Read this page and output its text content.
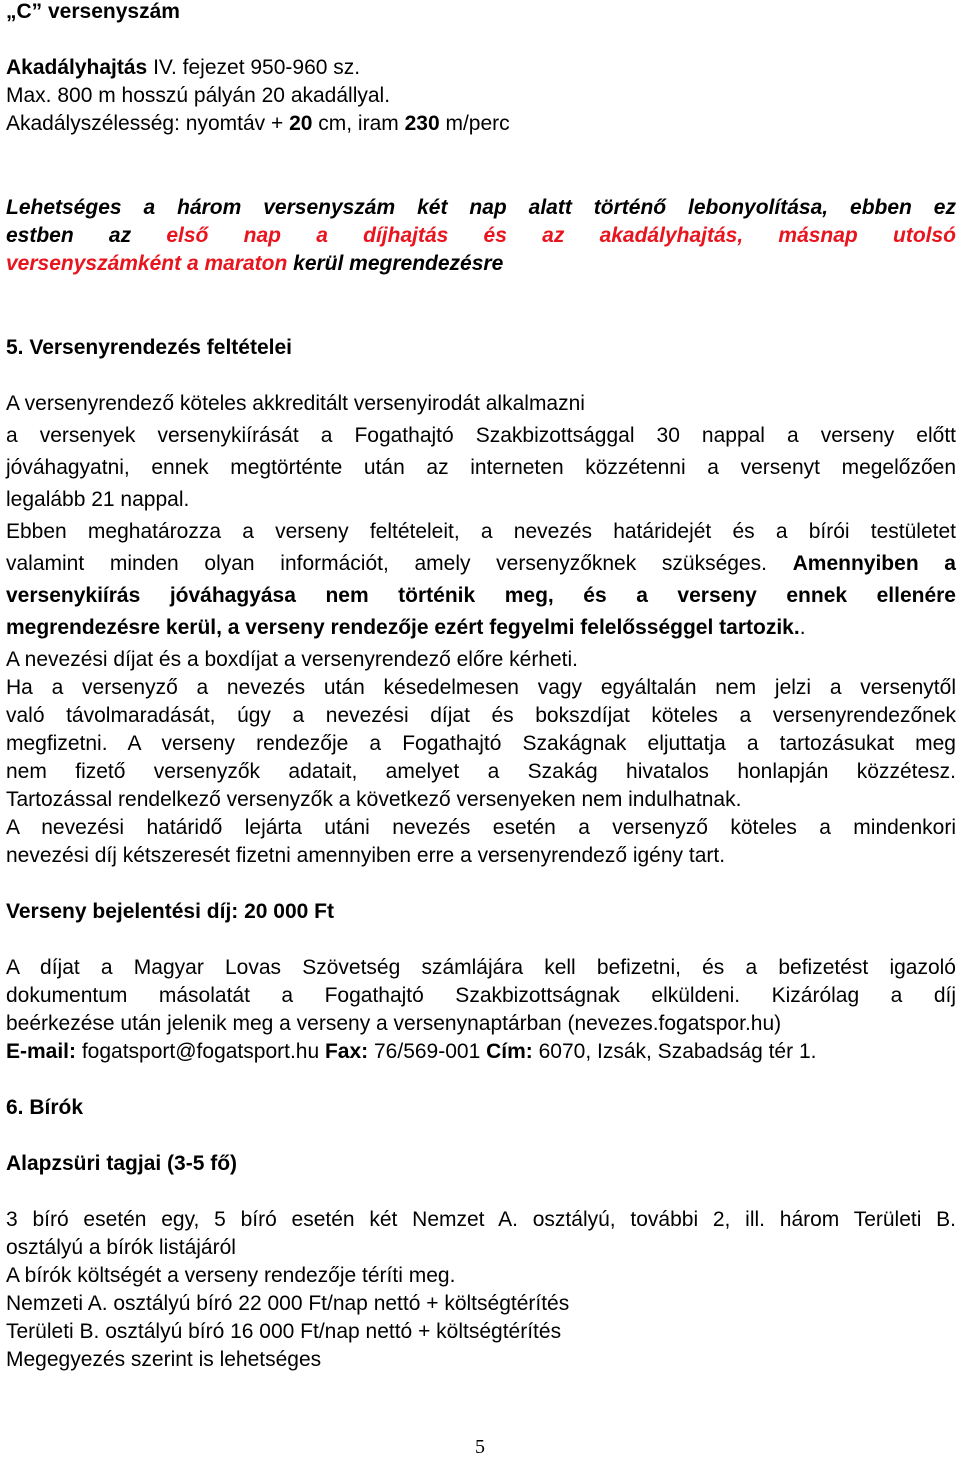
„C” versenyszám
Akadályhajtás IV. fejezet 950-960 sz.
Max. 800 m hosszú pályán 20 akadállyal.
Akadályszélesség: nyomtáv + 20 cm, iram 230 m/perc
Lehetséges a három versenyszám két nap alatt történő lebonyolítása, ebben ez
estben az első nap a díjhajtás és az akadályhajtás, másnap utolsó
versenyszámként a maraton kerül megrendezésre
5. Versenyrendezés feltételei
A versenyrendező köteles akkreditált versenyirodát alkalmazni
a versenyek versenykiírását a Fogathajtó Szakbizottsággal 30 nappal a verseny előtt
jóváhagyatni, ennek megtörténte után az interneten közzétenni a versenyt megelőzően
legalább 21 nappal.
Ebben meghatározza a verseny feltételeit, a nevezés határidejét és a bírói testületet
valamint minden olyan információt, amely versenyzőknek szükséges. Amennyiben a
versenykiírás jóváhagyása nem történik meg, és a verseny ennek ellenére
megrendezésre kerül, a verseny rendezője ezért fegyelmi felelősséggel tartozik..
A nevezési díjat és a boxdíjat a versenyrendező előre kérheti.
Ha a versenyző a nevezés után késedelmesen vagy egyáltalán nem jelzi a versenytől
való távolmaradását, úgy a nevezési díjat és bokszdíjat köteles a versenyrendezőnek
megfizetni. A verseny rendezője a Fogathajtó Szakágnak eljuttatja a tartozásukat meg
nem fizető versenyzők adatait, amelyet a Szakág hivatalos honlapján közzétesz.
Tartozással rendelkező versenyzők a következő versenyeken nem indulhatnak.
A nevezési határidő lejárta utáni nevezés esetén a versenyző köteles a mindenkori
nevezési díj kétszeresét fizetni amennyiben erre a versenyrendező igény tart.
Verseny bejelentési díj: 20 000 Ft
A díjat a Magyar Lovas Szövetség számlájára kell befizetni, és a befizetést igazoló
dokumentum másolatát a Fogathajtó Szakbizottságnak elküldeni. Kizárólag a díj
beérkezése után jelenik meg a verseny a versenynaptárban (nevezes.fogatspor.hu)
E-mail: fogatsport@fogatsport.hu Fax: 76/569-001 Cím: 6070, Izsák, Szabadság tér 1.
6. Bírók
Alapzsüri tagjai (3-5 fő)
3 bíró esetén egy, 5 bíró esetén két Nemzet A. osztályú, további 2, ill. három Területi B.
osztályú a bírók listájáról
A bírók költségét a verseny rendezője téríti meg.
Nemzeti A. osztályú bíró 22 000 Ft/nap nettó + költségtérítés
Területi B. osztályú bíró 16 000 Ft/nap nettó + költségtérítés
Megegyezés szerint is lehetséges
5
